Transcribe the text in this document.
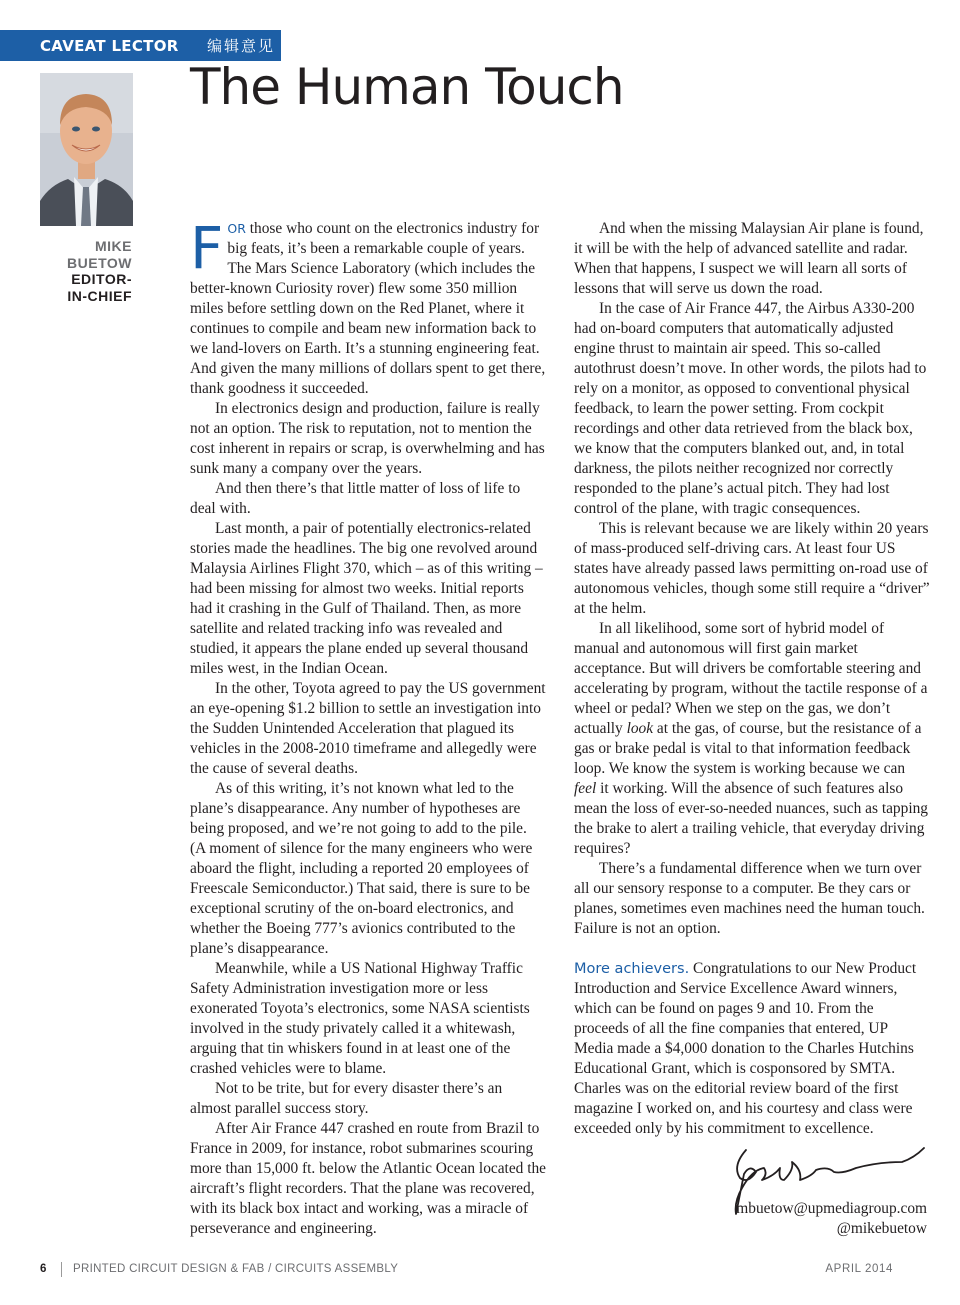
CAVEAT LECTOR 编辑意见
The Human Touch
MIKE
BUETOW
EDITOR-
IN-CHIEF

FOR those who count on the electronics industry for big feats, it’s been a remarkable couple of years. The Mars Science Laboratory (which includes the better-known Curiosity rover) flew some 350 million miles before settling down on the Red Planet, where it continues to compile and beam new information back to we land-lovers on Earth. It’s a stunning engineering feat. And given the many millions of dollars spent to get there, thank goodness it succeeded.

In electronics design and production, failure is really not an option. The risk to reputation, not to mention the cost inherent in repairs or scrap, is overwhelming and has sunk many a company over the years.

And then there’s that little matter of loss of life to deal with.

Last month, a pair of potentially electronics-related stories made the headlines. The big one revolved around Malaysia Airlines Flight 370, which – as of this writing – had been missing for almost two weeks. Initial reports had it crashing in the Gulf of Thailand. Then, as more satellite and related tracking info was revealed and studied, it appears the plane ended up several thousand miles west, in the Indian Ocean.

In the other, Toyota agreed to pay the US government an eye-opening $1.2 billion to settle an investigation into the Sudden Unintended Acceleration that plagued its vehicles in the 2008-2010 timeframe and allegedly were the cause of several deaths.

As of this writing, it’s not known what led to the plane’s disappearance. Any number of hypotheses are being proposed, and we’re not going to add to the pile. (A moment of silence for the many engineers who were aboard the flight, including a reported 20 employees of Freescale Semiconductor.) That said, there is sure to be exceptional scrutiny of the on-board electronics, and whether the Boeing 777’s avionics contributed to the plane’s disappearance.

Meanwhile, while a US National Highway Traffic Safety Administration investigation more or less exonerated Toyota’s electronics, some NASA scientists involved in the study privately called it a whitewash, arguing that tin whiskers found in at least one of the crashed vehicles were to blame.

Not to be trite, but for every disaster there’s an almost parallel success story.

After Air France 447 crashed en route from Brazil to France in 2009, for instance, robot submarines scouring more than 15,000 ft. below the Atlantic Ocean located the aircraft’s flight recorders. That the plane was recovered, with its black box intact and working, was a miracle of perseverance and engineering.

And when the missing Malaysian Air plane is found, it will be with the help of advanced satellite and radar. When that happens, I suspect we will learn all sorts of lessons that will serve us down the road.

In the case of Air France 447, the Airbus A330-200 had on-board computers that automatically adjusted engine thrust to maintain air speed. This so-called autothrust doesn’t move. In other words, the pilots had to rely on a monitor, as opposed to conventional physical feedback, to learn the power setting. From cockpit recordings and other data retrieved from the black box, we know that the computers blanked out, and, in total darkness, the pilots neither recognized nor correctly responded to the plane’s actual pitch. They had lost control of the plane, with tragic consequences.

This is relevant because we are likely within 20 years of mass-produced self-driving cars. At least four US states have already passed laws permitting on-road use of autonomous vehicles, though some still require a “driver” at the helm.

In all likelihood, some sort of hybrid model of manual and autonomous will first gain market acceptance. But will drivers be comfortable steering and accelerating by program, without the tactile response of a wheel or pedal? When we step on the gas, we don’t actually look at the gas, of course, but the resistance of a gas or brake pedal is vital to that information feedback loop. We know the system is working because we can feel it working. Will the absence of such features also mean the loss of ever-so-needed nuances, such as tapping the brake to alert a trailing vehicle, that everyday driving requires?

There’s a fundamental difference when we turn over all our sensory response to a computer. Be they cars or planes, sometimes even machines need the human touch. Failure is not an option.

More achievers. Congratulations to our New Product Introduction and Service Excellence Award winners, which can be found on pages 9 and 10. From the proceeds of all the fine companies that entered, UP Media made a $4,000 donation to the Charles Hutchins Educational Grant, which is cosponsored by SMTA. Charles was on the editorial review board of the first magazine I worked on, and his courtesy and class were exceeded only by his commitment to excellence.

mbuetow@upmediagroup.com
@mikebuetow
6 PRINTED CIRCUIT DESIGN & FAB / CIRCUITS ASSEMBLY	APRIL 2014
